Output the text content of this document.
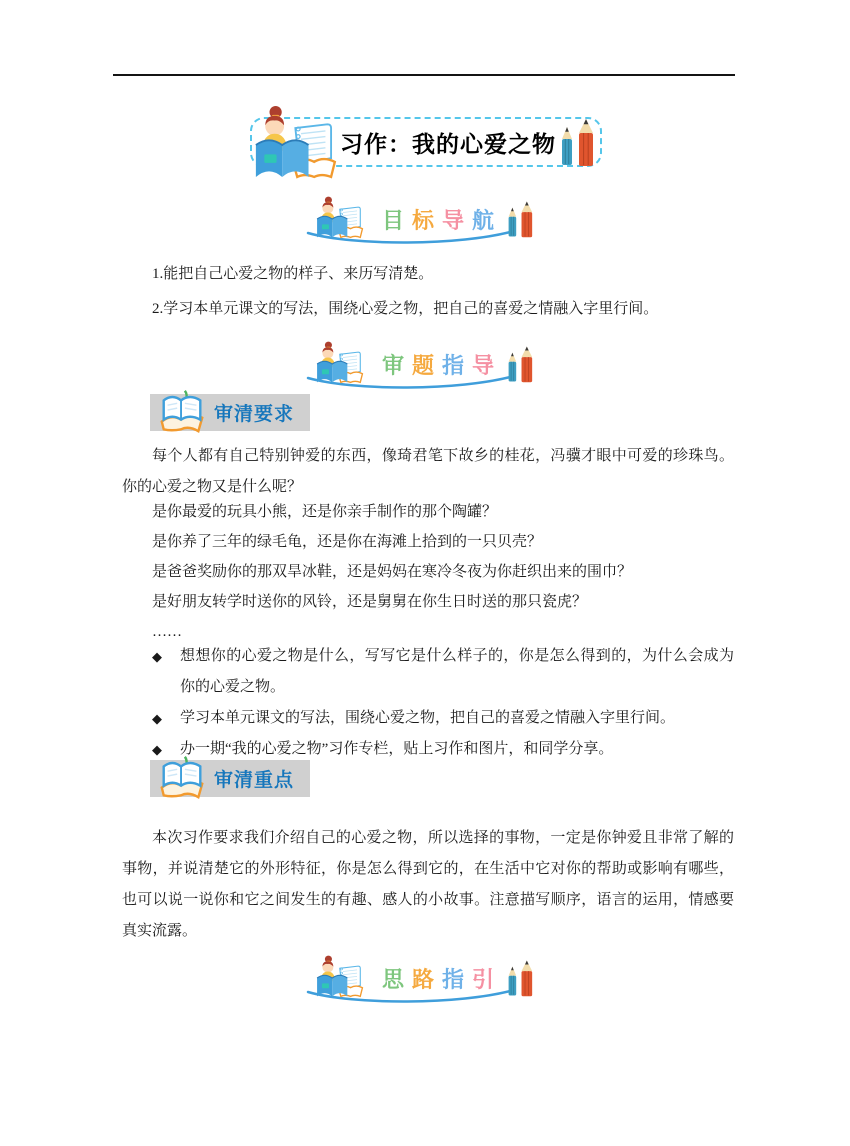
习作：我的心爱之物
目 标 导 航

1.能把自己心爱之物的样子、来历写清楚。

2.学习本单元课文的写法，围绕心爱之物，把自己的喜爱之情融入字里行间。

审 题 指 导
审清要求

每个人都有自己特别钟爱的东西，像琦君笔下故乡的桂花，冯骥才眼中可爱的珍珠鸟。你的心爱之物又是什么呢？

是你最爱的玩具小熊，还是你亲手制作的那个陶罐？

是你养了三年的绿毛龟，还是你在海滩上拾到的一只贝壳？

是爸爸奖励你的那双旱冰鞋，还是妈妈在寒冷冬夜为你赶织出来的围巾？

是好朋友转学时送你的风铃，还是舅舅在你生日时送的那只瓷虎？

……

◆ 想想你的心爱之物是什么，写写它是什么样子的，你是怎么得到的，为什么会成为你的心爱之物。
◆ 学习本单元课文的写法，围绕心爱之物，把自己的喜爱之情融入字里行间。
◆ 办一期“我的心爱之物”习作专栏，贴上习作和图片，和同学分享。
审清重点

本次习作要求我们介绍自己的心爱之物，所以选择的事物，一定是你钟爱且非常了解的事物，并说清楚它的外形特征，你是怎么得到它的，在生活中它对你的帮助或影响有哪些，也可以说一说你和它之间发生的有趣、感人的小故事。注意描写顺序，语言的运用，情感要真实流露。

思 路 指 引
